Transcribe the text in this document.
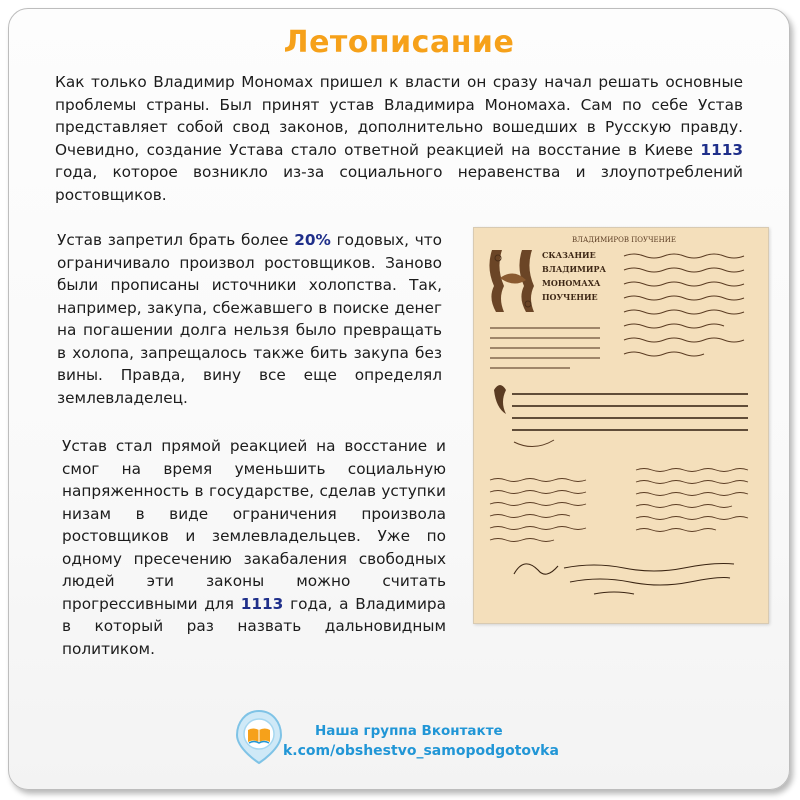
Летописание

Как только Владимир Мономах пришел к власти он сразу начал решать основные проблемы страны. Был принят устав Владимира Мономаха. Сам по себе Устав представляет собой свод законов, дополнительно вошедших в Русскую правду. Очевидно, создание Устава стало ответной реакцией на восстание в Киеве 1113 года, которое возникло из-за социального неравенства и злоупотреблений ростовщиков.

Устав запретил брать более 20% годовых, что ограничивало произвол ростовщиков. Заново были прописаны источники холопства. Так, например, закупа, сбежавшего в поиске денег на погашении долга нельзя было превращать в холопа, запрещалось также бить закупа без вины. Правда, вину все еще определял землевладелец.

Устав стал прямой реакцией на восстание и смог на время уменьшить социальную напряженность в государстве, сделав уступки низам в виде ограничения произвола ростовщиков и землевладельцев. Уже по одному пресечению закабаления свободных людей эти законы можно считать прогрессивными для 1113 года, а Владимира в который раз назвать дальновидным политиком.

ВЛАДИМИРОВ ПОУЧЕНИЕ
СКАЗАНИЕ
ВЛАДИМИРА
МОНОМАХА
ПОУЧЕНИЕ
Наша группа Вконтакте
k.com/obshestvo_samopodgotovka
